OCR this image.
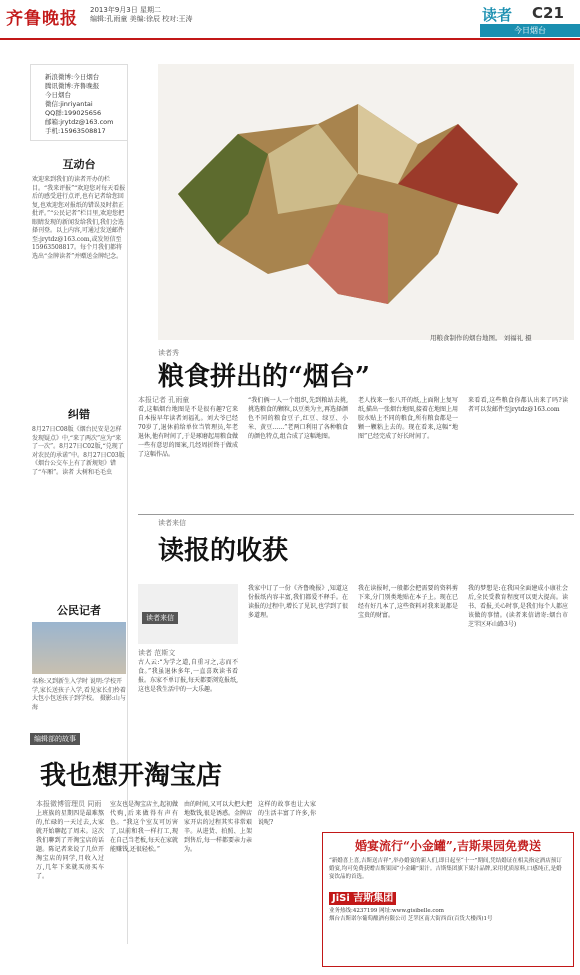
齐鲁晚报 2013年9月3日 星期二
编辑:孔雨童 美编:徐辰 校对:王涛	读者 C21
今日烟台
新浪微博:今日烟台
腾讯微博:齐鲁晚报
今日烟台
微信:jinriyantai
QQ群:199025656
邮箱:jrytdz@163.com
手机:15963508817
互动台
欢迎来到我们的读者开办的栏目。“我来评报”“欢迎您对每天看报后的感受进行点评,也有记者给您回复,也欢迎您对报纸的错误及时指正批评。”“公民记者”栏目里,欢迎您把眼睛发现的新闻发给我们,我们会选择刊登。以上内容,可通过发送邮件至:jrytdz@163.com,或发短信至15963508817。每个月我们都将选出“金牌读者”并赠送金牌纪念。
纠错
8月27日C08版《烟台民安是怎样发现疑点》中,“来了两次”应为“来了一次”。8月27日C02版,“兑现了对农民的承诺”中。8月27日C03版《烟台公交车上有了新规矩》错了“车厢”。读者 大树和毛毛虫
公民记者
名称:又到新生入学时 说明:学校开学,家长送孩子入学,看见家长们拎着大包小包送孩子到学校。 摄影:山与海
用粮食制作的烟台地图。 刘福礼 摄
读者秀
粮食拼出的“烟台”
本报记者 孔雨童
看,这幅烟台地图是不是很有趣?它来自本报早年读者刘福礼。刘大爷已经70岁了,退休前给单位当管理员,年老退休,他有时间了,于是琢磨起用粮食做一些有意思的图案,几经周折终于做成了这幅作品。
“我们俩一人一个组织,先到粮站去挑,挑选粮食的颗粒,以豆类为主,再选择颜色不同的粮食豆子,红豆、绿豆、小米、黄豆……”老两口利用了各种粮食的颜色特点,组合成了这幅地图。
老人找来一张八开的纸,上面附上复写纸,描出一张烟台地图,接着在地图上用胶水贴上不同的粮食,所有粮食都是一颗一颗粘上去的。现在看来,这幅“地图”已经完成了好长时间了。
来看看,这些粮食你都认出来了吗?读者可以发邮件至jrytdz@163.com
读者来信
读报的收获
读者来信
读者 范斯文
古人云:“为学之道,自重习之,志而不食。”我虽退休多年,一直喜欢读书看报。东家不单订报,每天都要浏览报纸,这也是我生活中的一大乐趣。
我家中订了一份《齐鲁晚报》,知道这份报纸内容丰富,我们都爱不释手。在读报的过程中,增长了见识,也学到了很多道理。
我在读报时,一般都会把需要的资料剪下来,分门别类地贴在本子上。现在已经有好几本了,这些资料对我来说都是宝贵的财富。
我的梦想是:在我国全面建成小康社会后,全民受教育程度可以更大提高。读书、看报,关心时事,是我们每个人都应该做的事情。(读者来信请寄:烟台市芝罘区环山路3号)
编辑部的故事
我也想开淘宝店
本报微博管理员 同雨
上班族的星期四是最难熬的,忙碌的一天过去,大家就开始聊起了周末。这次我们聊到了开淘宝店的话题。陈记者来说了几位开淘宝店的同学,月收入过万,几年下来就买房买车了。
室友也是淘宝店主,起初做代购,后来做得有声有色。“我这个室友可厉害了,以前和我一样打工,现在自己当老板,每天在家就能赚钱,还很轻松。”
由的时间,又可以大把大把地数钱,很是诱惑。金牌店家开店的过程其实非常艰辛。从进货、拍照、上架到售后,每一样都要亲力亲为。
这样的故事也让大家的生活丰富了许多,你说呢?
婚宴流行“小金罐”,吉斯果园免费送
“新婚喜上喜,吉斯送吉祥”,举办婚宴的新人们,即日起至“十一”期间,凭结婚证在相关指定酒店预订婚宴,均可免费获赠吉斯果园“小金罐”果汁。吉斯集团旗下果汁品牌,采用优质原料,口感纯正,是婚宴饮品的首选。
JiSi 吉斯集团
业务热线:4237199 网址:www.gisibelle.com
烟台吉斯诺尔葡萄酿酒有限公司 芝罘区南大街西首(百货大楼西)1号
